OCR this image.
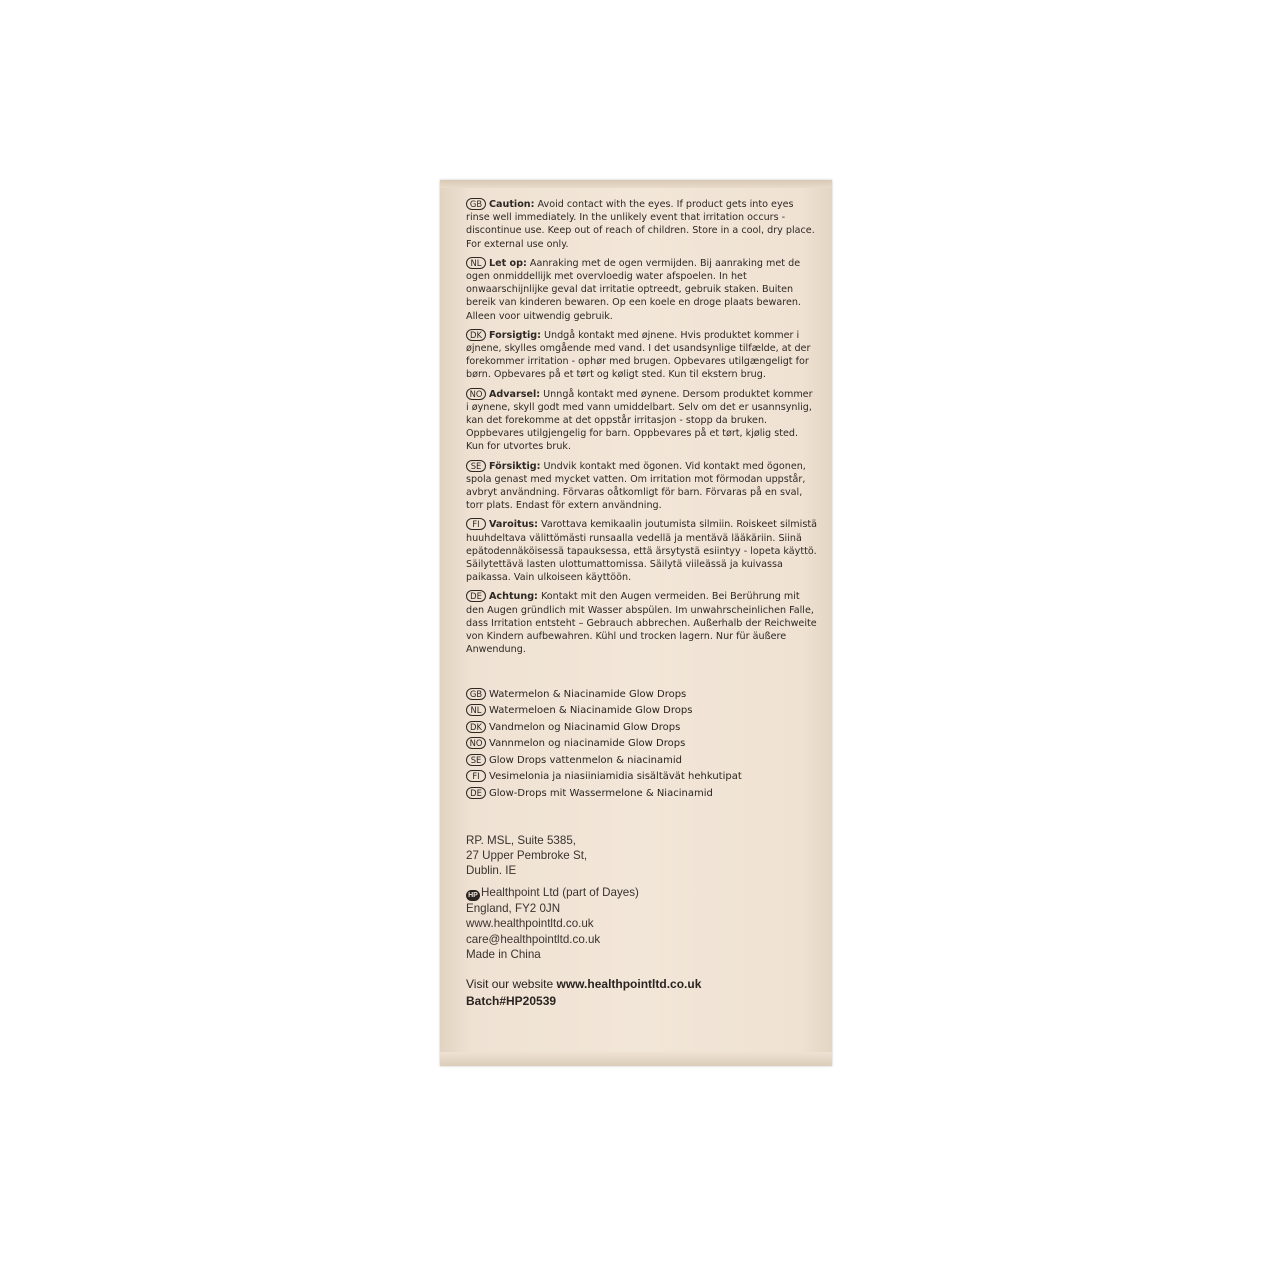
GB Caution: Avoid contact with the eyes. If product gets into eyes rinse well immediately. In the unlikely event that irritation occurs - discontinue use. Keep out of reach of children. Store in a cool, dry place. For external use only.

NL Let op: Aanraking met de ogen vermijden. Bij aanraking met de ogen onmiddellijk met overvloedig water afspoelen. In het onwaarschijnlijke geval dat irritatie optreedt, gebruik staken. Buiten bereik van kinderen bewaren. Op een koele en droge plaats bewaren. Alleen voor uitwendig gebruik.

DK Forsigtig: Undgå kontakt med øjnene. Hvis produktet kommer i øjnene, skylles omgående med vand. I det usandsynlige tilfælde, at der forekommer irritation - ophør med brugen. Opbevares utilgængeligt for børn. Opbevares på et tørt og køligt sted. Kun til ekstern brug.

NO Advarsel: Unngå kontakt med øynene. Dersom produktet kommer i øynene, skyll godt med vann umiddelbart. Selv om det er usannsynlig, kan det forekomme at det oppstår irritasjon - stopp da bruken. Oppbevares utilgjengelig for barn. Oppbevares på et tørt, kjølig sted. Kun for utvortes bruk.

SE Försiktig: Undvik kontakt med ögonen. Vid kontakt med ögonen, spola genast med mycket vatten. Om irritation mot förmodan uppstår, avbryt användning. Förvaras oåtkomligt för barn. Förvaras på en sval, torr plats. Endast för extern användning.

FI Varoitus: Varottava kemikaalin joutumista silmiin. Roiskeet silmistä huuhdeltava välittömästi runsaalla vedellä ja mentävä lääkäriin. Siinä epätodennäköisessä tapauksessa, että ärsytystä esiintyy - lopeta käyttö. Säilytettävä lasten ulottumattomissa. Säilytä viileässä ja kuivassa paikassa. Vain ulkoiseen käyttöön.

DE Achtung: Kontakt mit den Augen vermeiden. Bei Berührung mit den Augen gründlich mit Wasser abspülen. Im unwahrscheinlichen Falle, dass Irritation entsteht – Gebrauch abbrechen. Außerhalb der Reichweite von Kindern aufbewahren. Kühl und trocken lagern. Nur für äußere Anwendung.

GB Watermelon & Niacinamide Glow Drops
NL Watermeloen & Niacinamide Glow Drops
DK Vandmelon og Niacinamid Glow Drops
NO Vannmelon og niacinamide Glow Drops
SE Glow Drops vattenmelon & niacinamid
FI Vesimelonia ja niasiiniamidia sisältävät hehkutipat
DE Glow-Drops mit Wassermelone & Niacinamid
RP. MSL, Suite 5385,
27 Upper Pembroke St,
Dublin. IE
HP Healthpoint Ltd (part of Dayes)
England, FY2 0JN
www.healthpointltd.co.uk
care@healthpointltd.co.uk
Made in China
Visit our website www.healthpointltd.co.uk
Batch#HP20539
